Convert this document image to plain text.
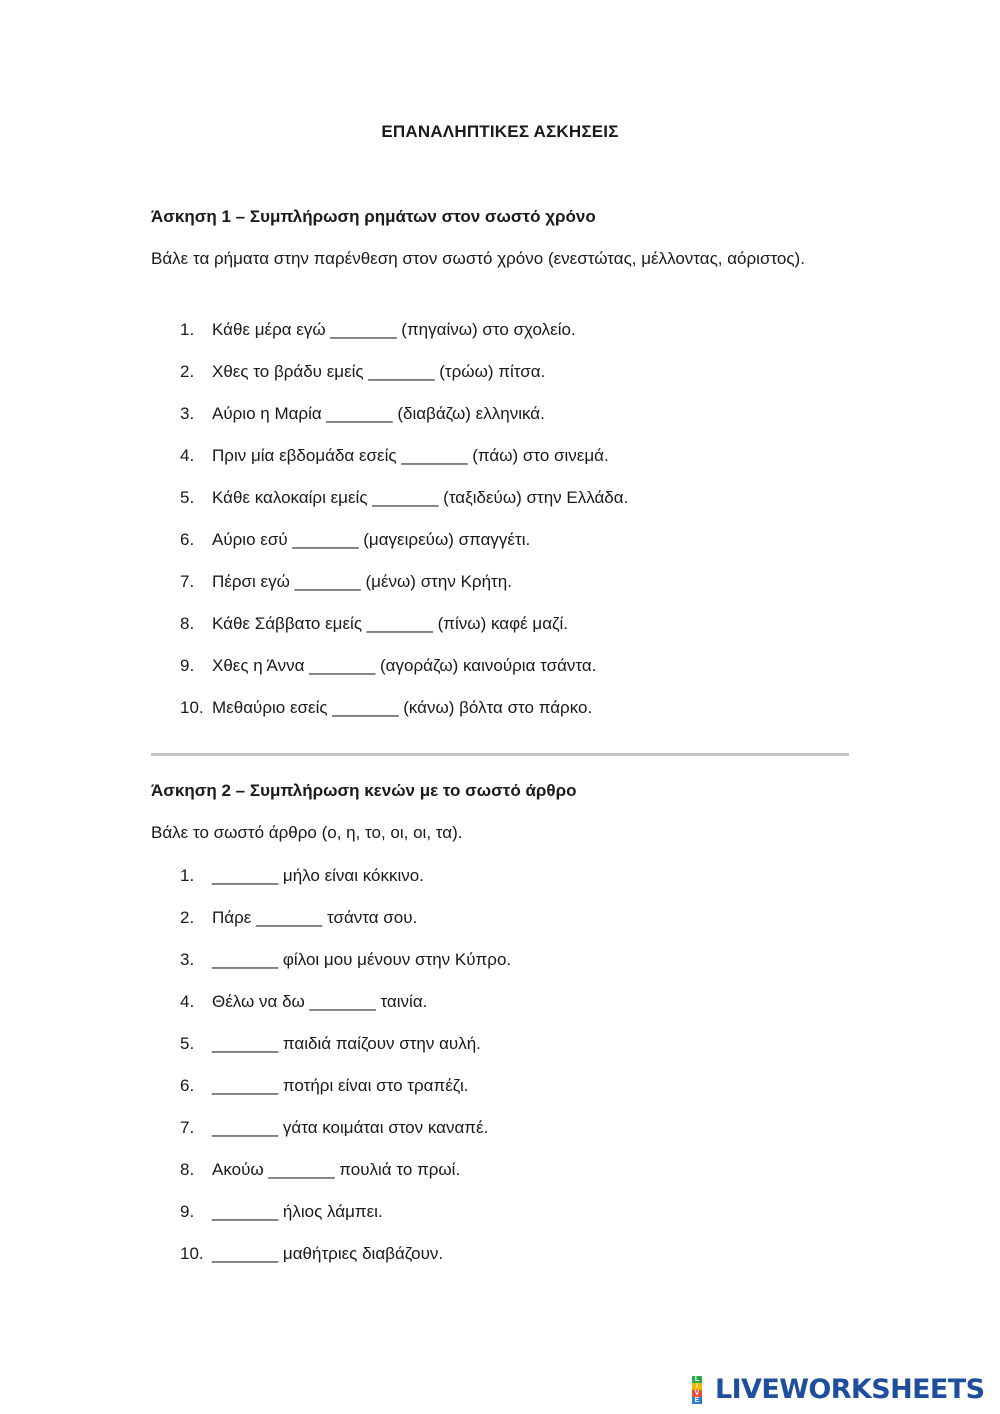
ΕΠΑΝΑΛΗΠΤΙΚΕΣ ΑΣΚΗΣΕΙΣ
Άσκηση 1 – Συμπλήρωση ρημάτων στον σωστό χρόνο
Βάλε τα ρήματα στην παρένθεση στον σωστό χρόνο (ενεστώτας, μέλλοντας, αόριστος).
1.	Κάθε μέρα εγώ _______ (πηγαίνω) στο σχολείο.
2.	Χθες το βράδυ εμείς _______ (τρώω) πίτσα.
3.	Αύριο η Μαρία _______ (διαβάζω) ελληνικά.
4.	Πριν μία εβδομάδα εσείς _______ (πάω) στο σινεμά.
5.	Κάθε καλοκαίρι εμείς _______ (ταξιδεύω) στην Ελλάδα.
6.	Αύριο εσύ _______ (μαγειρεύω) σπαγγέτι.
7.	Πέρσι εγώ _______ (μένω) στην Κρήτη.
8.	Κάθε Σάββατο εμείς _______ (πίνω) καφέ μαζί.
9.	Χθες η Άννα _______ (αγοράζω) καινούρια τσάντα.
10. Μεθαύριο εσείς _______ (κάνω) βόλτα στο πάρκο.
Άσκηση 2 – Συμπλήρωση κενών με το σωστό άρθρο
Βάλε το σωστό άρθρο (ο, η, το, οι, οι, τα).
1.	_______ μήλο είναι κόκκινο.
2.	Πάρε _______ τσάντα σου.
3.	_______ φίλοι μου μένουν στην Κύπρο.
4.	Θέλω να δω _______ ταινία.
5.	_______ παιδιά παίζουν στην αυλή.
6.	_______ ποτήρι είναι στο τραπέζι.
7.	_______ γάτα κοιμάται στον καναπέ.
8.	Ακούω _______ πουλιά το πρωί.
9.	_______ ήλιος λάμπει.
10. _______ μαθήτριες διαβάζουν.
L
I
V
E LIVEWORKSHEETS
